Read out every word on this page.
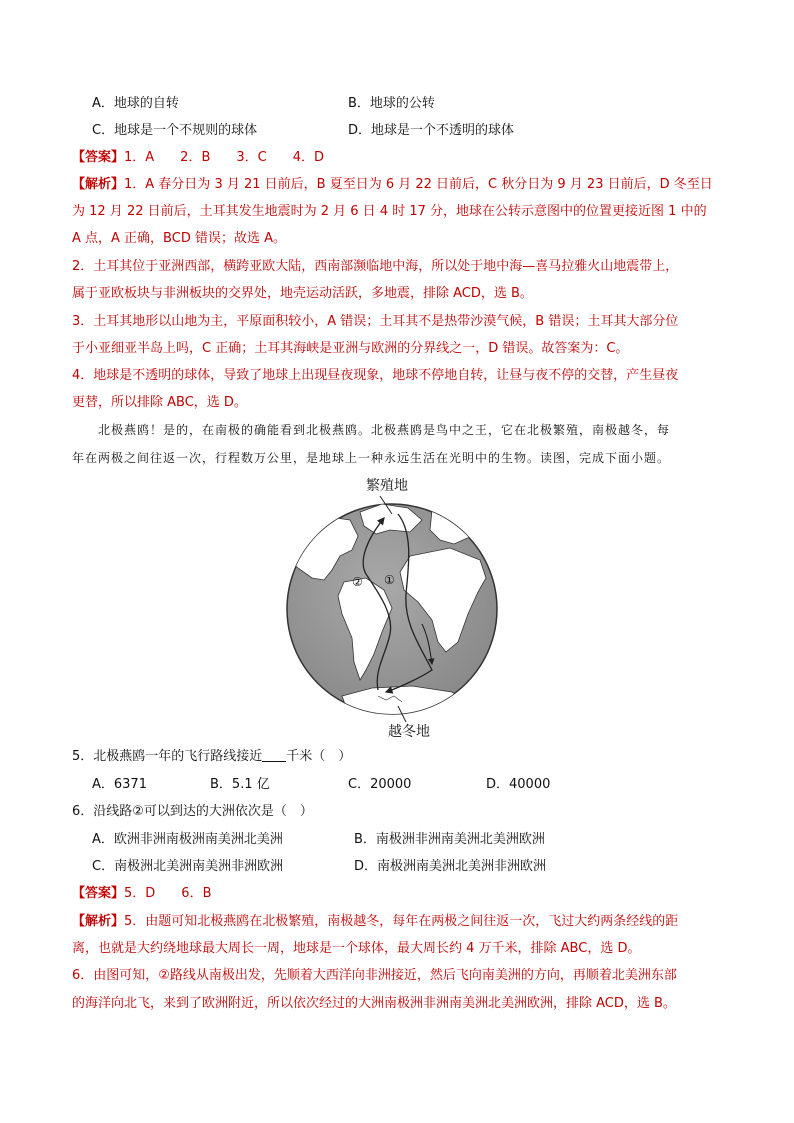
A．地球的自转	B．地球的公转
C．地球是一个不规则的球体	D．地球是一个不透明的球体
【答案】1．A　　2．B　　3．C　　4．D
【解析】1．A 春分日为 3 月 21 日前后，B 夏至日为 6 月 22 日前后，C 秋分日为 9 月 23 日前后，D 冬至日
为 12 月 22 日前后，土耳其发生地震时为 2 月 6 日 4 时 17 分，地球在公转示意图中的位置更接近图 1 中的
A 点，A 正确，BCD 错误；故选 A。
2．土耳其位于亚洲西部，横跨亚欧大陆，西南部濒临地中海，所以处于地中海—喜马拉雅火山地震带上，
属于亚欧板块与非洲板块的交界处，地壳运动活跃，多地震，排除 ACD，选 B。
3．土耳其地形以山地为主，平原面积较小，A 错误；土耳其不是热带沙漠气候，B 错误；土耳其大部分位
于小亚细亚半岛上吗，C 正确；土耳其海峡是亚洲与欧洲的分界线之一，D 错误。故答案为：C。
4．地球是不透明的球体，导致了地球上出现昼夜现象，地球不停地自转，让昼与夜不停的交替，产生昼夜
更替，所以排除 ABC，选 D。

北极燕鸥！是的，在南极的确能看到北极燕鸥。北极燕鸥是鸟中之王，它在北极繁殖，南极越冬，每

年在两极之间往返一次，行程数万公里，是地球上一种永远生活在光明中的生物。读图，完成下面小题。

①
②
繁殖地
越冬地
5．北极燕鸥一年的飞行路线接近 千米（　）
A．6371	B．5.1 亿	C．20000	D．40000
6．沿线路②可以到达的大洲依次是（　）
A．欧洲非洲南极洲南美洲北美洲	B．南极洲非洲南美洲北美洲欧洲
C．南极洲北美洲南美洲非洲欧洲	D．南极洲南美洲北美洲非洲欧洲
【答案】5．D　　6．B
【解析】5．由题可知北极燕鸥在北极繁殖，南极越冬，每年在两极之间往返一次，飞过大约两条经线的距
离，也就是大约绕地球最大周长一周，地球是一个球体，最大周长约 4 万千米，排除 ABC，选 D。
6．由图可知，②路线从南极出发，先顺着大西洋向非洲接近，然后飞向南美洲的方向，再顺着北美洲东部
的海洋向北飞，来到了欧洲附近，所以依次经过的大洲南极洲非洲南美洲北美洲欧洲，排除 ACD，选 B。
